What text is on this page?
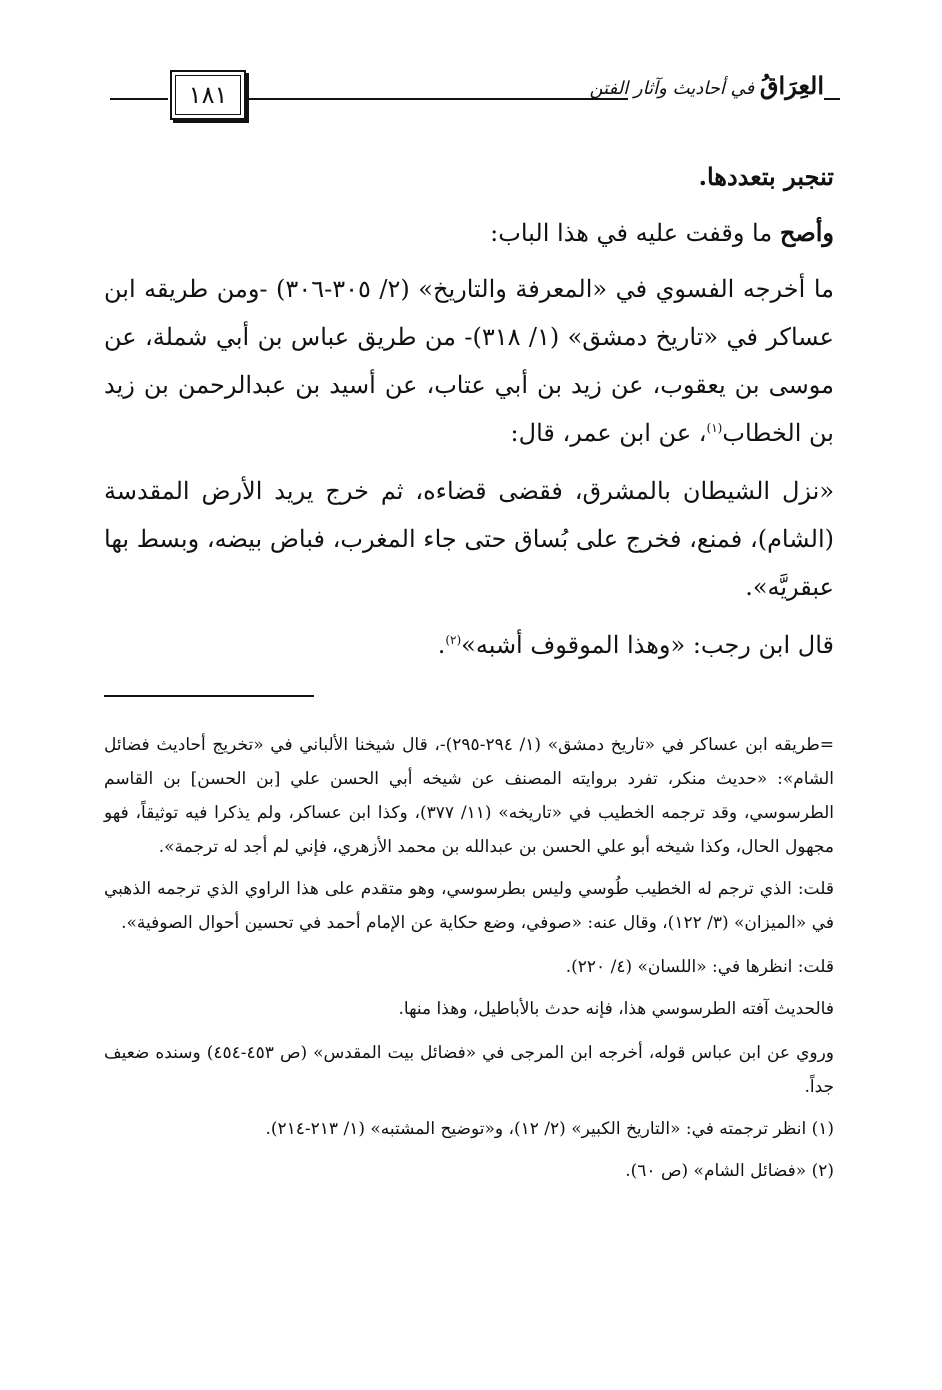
١٨١	العِرَاقُ في أحاديث وآثار الفتن

تنجبر بتعددها.

وأصح ما وقفت عليه في هذا الباب:

ما أخرجه الفسوي في «المعرفة والتاريخ» (٢/ ٣٠٥-٣٠٦) -ومن طريقه ابن عساكر في «تاريخ دمشق» (١/ ٣١٨)- من طريق عباس بن أبي شملة، عن موسى بن يعقوب، عن زيد بن أبي عتاب، عن أسيد بن عبدالرحمن بن زيد بن الخطاب$^{(١)}$، عن ابن عمر، قال:

«نزل الشيطان بالمشرق، فقضى قضاءه، ثم خرج يريد الأرض المقدسة (الشام)، فمنع، فخرج على بُساق حتى جاء المغرب، فباض بيضه، وبسط بها عبقريَّه».

قال ابن رجب: «وهذا الموقوف أشبه»$^{(٢)}$.

=طريقه ابن عساكر في «تاريخ دمشق» (١/ ٢٩٤-٢٩٥)-، قال شيخنا الألباني في «تخريج أحاديث فضائل الشام»: «حديث منكر، تفرد بروايته المصنف عن شيخه أبي الحسن علي [بن الحسن] بن القاسم الطرسوسي، وقد ترجمه الخطيب في «تاريخه» (١١/ ٣٧٧)، وكذا ابن عساكر، ولم يذكرا فيه توثيقاً، فهو مجهول الحال، وكذا شيخه أبو علي الحسن بن عبدالله بن محمد الأزهري، فإني لم أجد له ترجمة».

قلت: الذي ترجم له الخطيب طُوسي وليس بطرسوسي، وهو متقدم على هذا الراوي الذي ترجمه الذهبي في «الميزان» (٣/ ١٢٢)، وقال عنه: «صوفي، وضع حكاية عن الإمام أحمد في تحسين أحوال الصوفية».

قلت: انظرها في: «اللسان» (٤/ ٢٢٠).

فالحديث آفته الطرسوسي هذا، فإنه حدث بالأباطيل، وهذا منها.

وروي عن ابن عباس قوله، أخرجه ابن المرجى في «فضائل بيت المقدس» (ص ٤٥٣-٤٥٤) وسنده ضعيف جداً.

(١) انظر ترجمته في: «التاريخ الكبير» (٢/ ١٢)، و«توضيح المشتبه» (١/ ٢١٣-٢١٤).

(٢) «فضائل الشام» (ص ٦٠).
